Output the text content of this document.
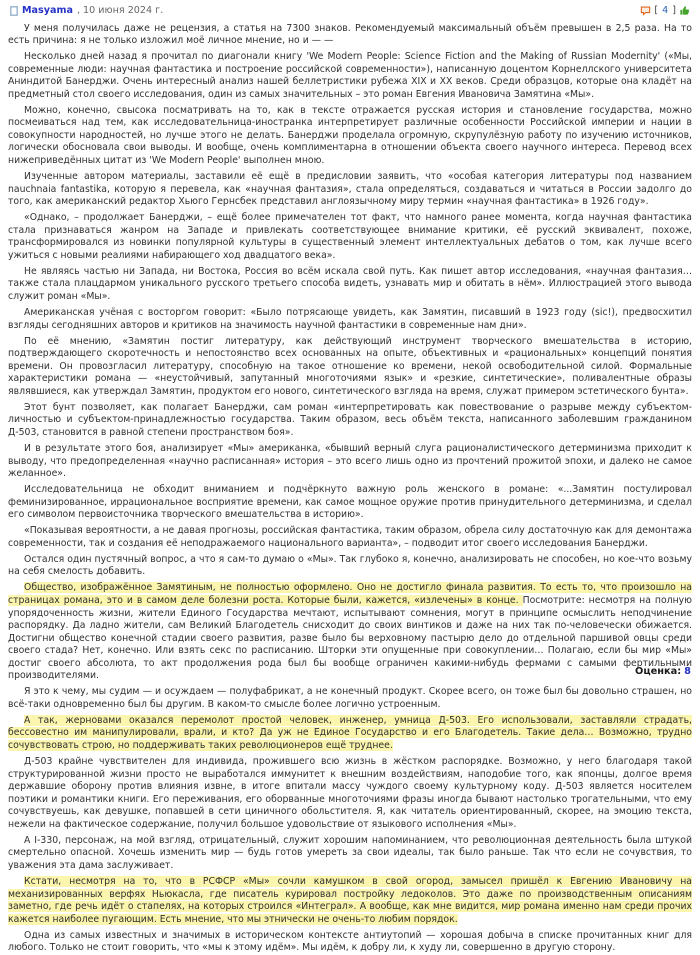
Masyama , 10 июня 2024 г.	[ 4 ]

У меня получилась даже не рецензия, а статья на 7300 знаков. Рекомендуемый максимальный объём превышен в 2,5 раза. На то есть причина: я не только изложил моё личное мнение, но и — —

Несколько дней назад я прочитал по диагонали книгу 'We Modern People: Science Fiction and the Making of Russian Modernity' («Мы, современные люди: научная фантастика и построение российской современности»), написанную доцентом Корнеллского университета Аниндитой Банерджи. Очень интересный анализ нашей беллетристики рубежа XIX и XX веков. Среди образцов, которые она кладёт на предметный стол своего исследования, один из самых значительных – это роман Евгения Ивановича Замятина «Мы».

Можно, конечно, свысока посматривать на то, как в тексте отражается русская история и становление государства, можно посмеиваться над тем, как исследовательница-иностранка интерпретирует различные особенности Российской империи и нации в совокупности народностей, но лучше этого не делать. Банерджи проделала огромную, скрупулёзную работу по изучению источников, логически обосновала свои выводы. И вообще, очень комплиментарна в отношении объекта своего научного интереса. Перевод всех нижеприведённых цитат из 'We Modern People' выполнен мною.

Изученные автором материалы, заставили её ещё в предисловии заявить, что «особая категория литературы под названием nauchnaia fantastika, которую я перевела, как «научная фантазия», стала определяться, создаваться и читаться в России задолго до того, как американский редактор Хьюго Гернсбек представил англоязычному миру термин «научная фантастика» в 1926 году».

«Однако, – продолжает Банерджи, – ещё более примечателен тот факт, что намного ранее момента, когда научная фантастика стала признаваться жанром на Западе и привлекать соответствующее внимание критики, её русский эквивалент, похоже, трансформировался из новинки популярной культуры в существенный элемент интеллектуальных дебатов о том, как лучше всего ужиться с новыми реалиями набирающего ход двадцатого века».

Не являясь частью ни Запада, ни Востока, Россия во всём искала свой путь. Как пишет автор исследования, «научная фантазия… также стала плацдармом уникального русского третьего способа видеть, узнавать мир и обитать в нём». Иллюстрацией этого вывода служит роман «Мы».

Американская учёная с восторгом говорит: «Было потрясающе увидеть, как Замятин, писавший в 1923 году (sic!), предвосхитил взгляды сегодняшних авторов и критиков на значимость научной фантастики в современные нам дни».

По её мнению, «Замятин постиг литературу, как действующий инструмент творческого вмешательства в историю, подтверждающего скоротечность и непостоянство всех основанных на опыте, объективных и «рациональных» концепций понятия времени. Он провозгласил литературу, способную на такое отношение ко времени, некой освободительной силой. Формальные характеристики романа — «неустойчивый, запутанный многоточиями язык» и «резкие, синтетические», поливалентные образы являвшиеся, как утверждал Замятин, продуктом его нового, синтетического взгляда на время, служат примером эстетического бунта».

Этот бунт позволяет, как полагает Банерджи, сам роман «интерпретировать как повествование о разрыве между субъектом-личностью и субъектом-принадлежностью государства. Таким образом, весь объём текста, написанного заболевшим гражданином Д-503, становится в равной степени пространством боя».

И в результате этого боя, анализирует «Мы» американка, «бывший верный слуга рационалистического детерминизма приходит к выводу, что предопределенная «научно расписанная» история – это всего лишь одно из прочтений прожитой эпохи, и далеко не самое желанное».

Исследовательница не обходит вниманием и подчёркнуто важную роль женского в романе: «...Замятин постулировал феминизированное, иррациональное восприятие времени, как самое мощное оружие против принудительного детерминизма, и сделал его символом первоисточника творческого вмешательства в историю».

«Показывая вероятности, а не давая прогнозы, российская фантастика, таким образом, обрела силу достаточную как для демонтажа современности, так и создания её неподражаемого национального варианта», – подводит итог своего исследования Банерджи.

Остался один пустячный вопрос, а что я сам-то думаю о «Мы». Так глубоко я, конечно, анализировать не способен, но кое-что возьму на себя смелость добавить.

Общество, изображённое Замятиным, не полностью оформлено. Оно не достигло финала развития. То есть то, что произошло на страницах романа, это и в самом деле болезни роста. Которые были, кажется, «излечены» в конце. Посмотрите: несмотря на полную упорядоченность жизни, жители Единого Государства мечтают, испытывают сомнения, могут в принципе осмыслить неподчинение распорядку. Да ладно жители, сам Великий Благодетель снисходит до своих винтиков и даже на них так по-человечески обижается. Достигни общество конечной стадии своего развития, разве было бы верховному пастырю дело до отдельной паршивой овцы среди своего стада? Нет, конечно. Или взять секс по расписанию. Шторки эти опущенные при совокуплении… Полагаю, если бы мир «Мы» достиг своего абсолюта, то акт продолжения рода был бы вообще ограничен какими-нибудь фермами с самыми фертильными производителями.

Я это к чему, мы судим — и осуждаем — полуфабрикат, а не конечный продукт. Скорее всего, он тоже был бы довольно страшен, но всё-таки одновременно был бы другим. В каком-то смысле более логично устроенным.

А так, жерновами оказался перемолот простой человек, инженер, умница Д-503. Его использовали, заставляли страдать, бессовестно им манипулировали, врали, и кто? Да уж не Единое Государство и его Благодетель. Такие дела… Возможно, трудно сочувствовать строю, но поддерживать таких революционеров ещё труднее.

Д-503 крайне чувствителен для индивида, прожившего всю жизнь в жёстком распорядке. Возможно, у него благодаря такой структурированной жизни просто не выработался иммунитет к внешним воздействиям, наподобие того, как японцы, долгое время державшие оборону против влияния извне, в итоге впитали массу чуждого своему культурному коду. Д-503 является носителем поэтики и романтики книги. Его переживания, его оборванные многоточиями фразы иногда бывают настолько трогательными, что ему сочувствуешь, как девушке, попавшей в сети циничного обольстителя. Я, как читатель ориентированный, скорее, на эмоцию текста, нежели на фактическое содержание, получил большое удовольствие от языкового исполнения «Мы».

А I-330, персонаж, на мой взгляд, отрицательный, служит хорошим напоминанием, что революционная деятельность была штукой смертельно опасной. Хочешь изменить мир — будь готов умереть за свои идеалы, так было раньше. Так что если не сочувствия, то уважения эта дама заслуживает.

Кстати, несмотря на то, что в РСФСР «Мы» сочли камушком в свой огород, замысел пришёл к Евгению Ивановичу на механизированных верфях Ньюкасла, где писатель курировал постройку ледоколов. Это даже по производственным описаниям заметно, где речь идёт о стапелях, на которых строился «Интеграл». А вообще, как мне видится, мир романа именно нам среди прочих кажется наиболее пугающим. Есть мнение, что мы этнически не очень-то любим порядок.

Одна из самых известных и значимых в историческом контексте антиутопий — хорошая добыча в списке прочитанных книг для любого. Только не стоит говорить, что «мы к этому идём». Мы идём, к добру ли, к худу ли, совершенно в другую сторону.

Оценка: 8
